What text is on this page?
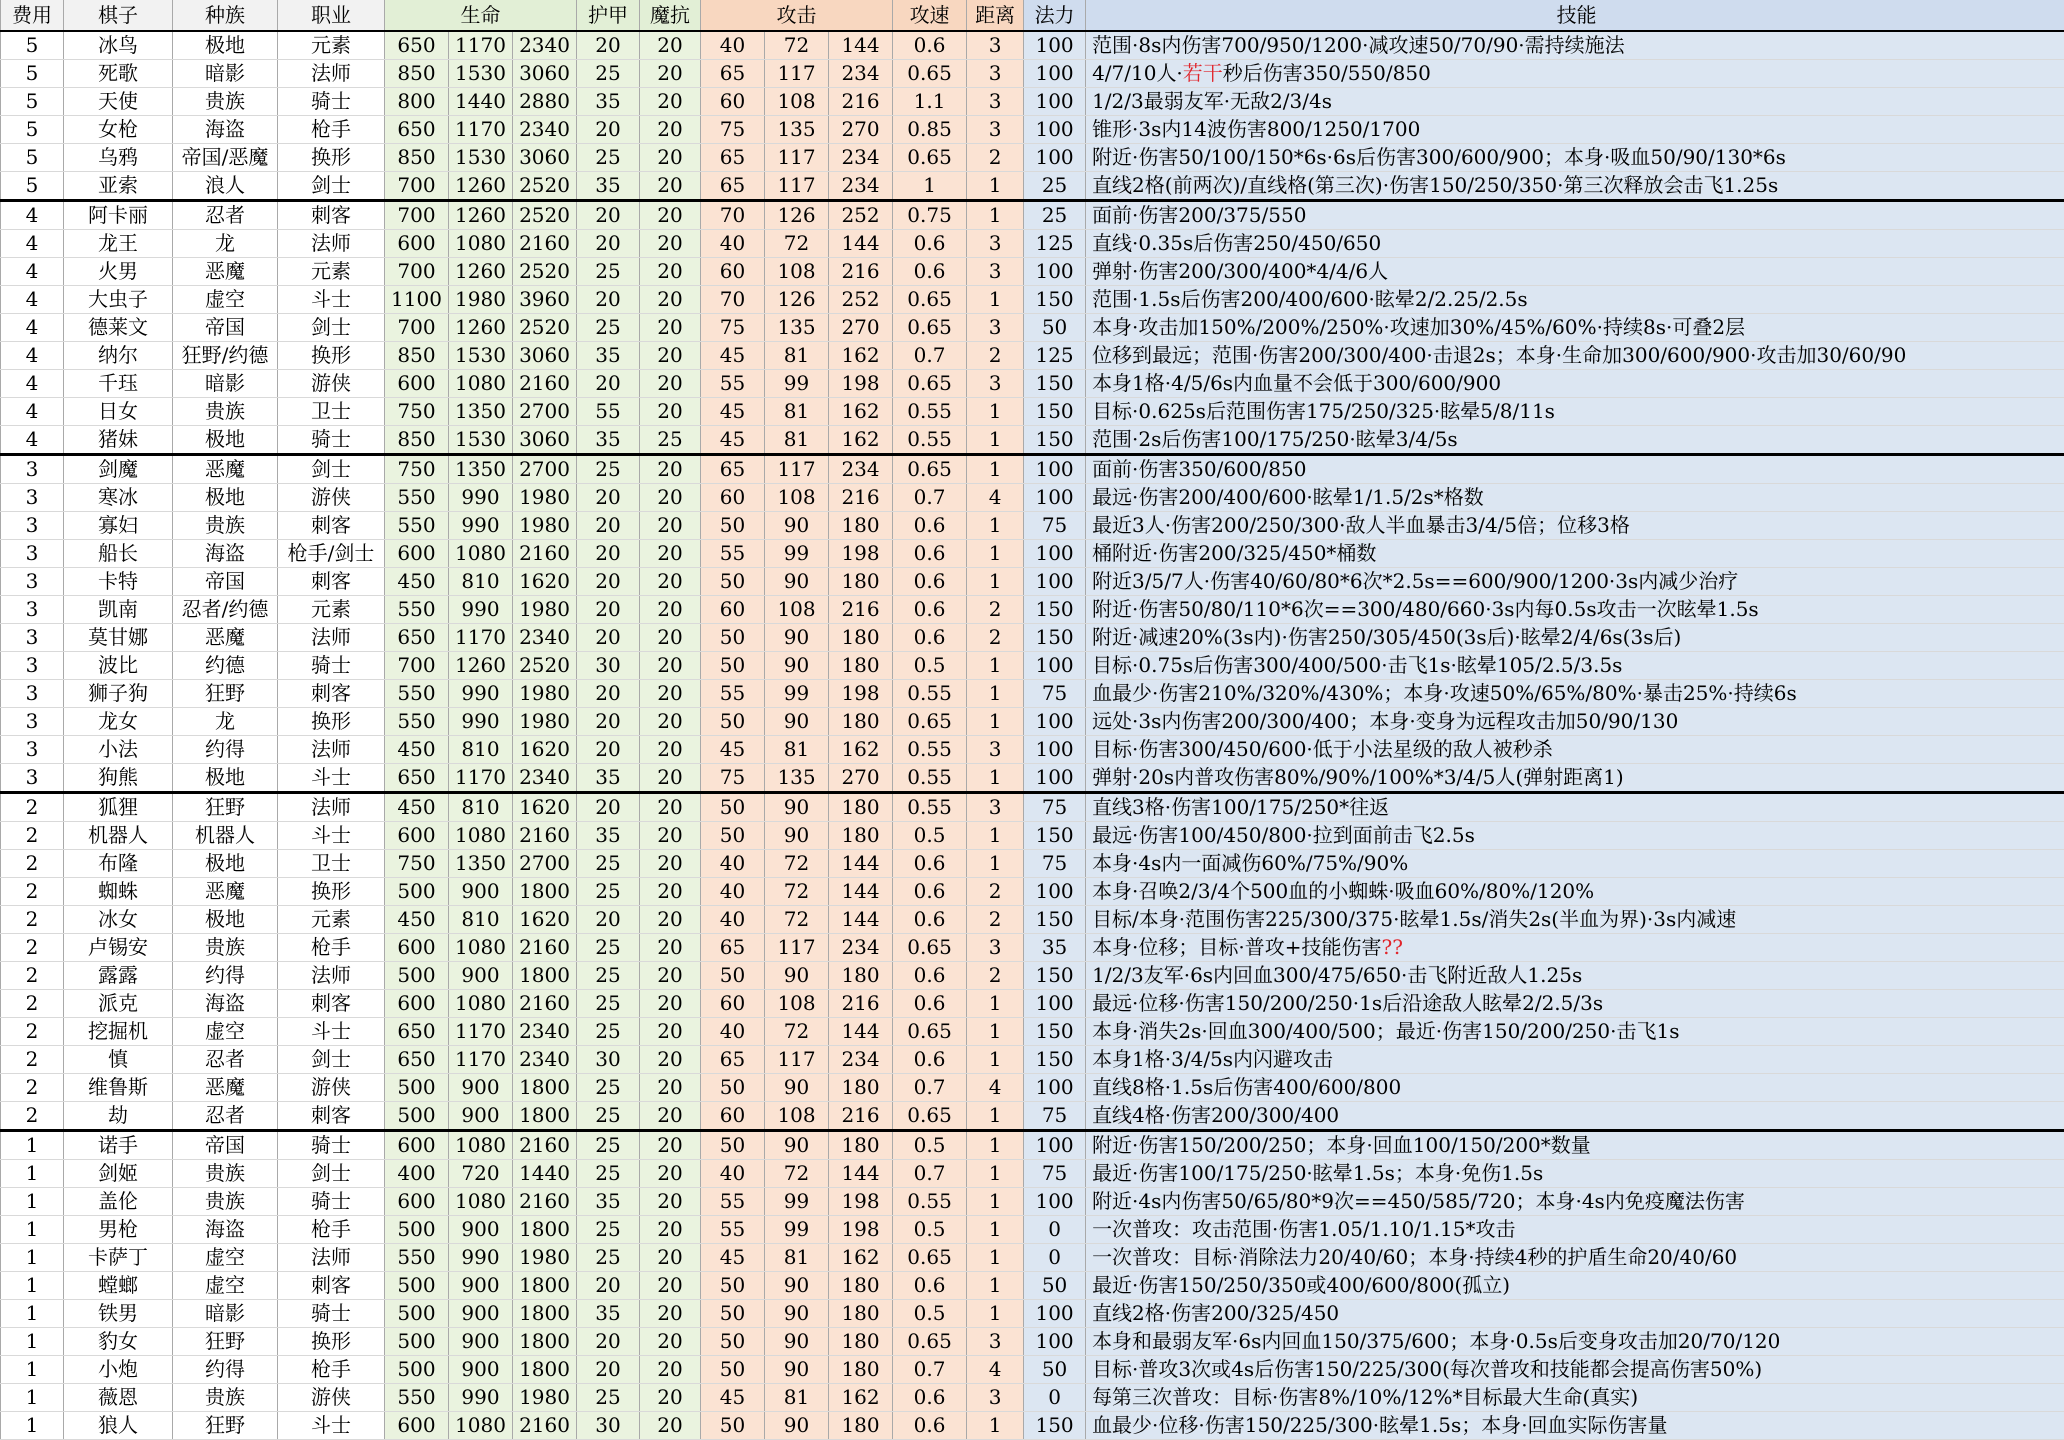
费用	棋子	种族	职业	生命			护甲	魔抗	攻击			攻速	距离	法力	技能
5	冰鸟	极地	元素	650	1170	2340	20	20	40	72	144	0.6	3	100	范围·8s内伤害700/950/1200·减攻速50/70/90·需持续施法
5	死歌	暗影	法师	850	1530	3060	25	20	65	117	234	0.65	3	100	4/7/10人·若干秒后伤害350/550/850
5	天使	贵族	骑士	800	1440	2880	35	20	60	108	216	1.1	3	100	1/2/3最弱友军·无敌2/3/4s
5	女枪	海盗	枪手	650	1170	2340	20	20	75	135	270	0.85	3	100	锥形·3s内14波伤害800/1250/1700
5	乌鸦	帝国/恶魔	换形	850	1530	3060	25	20	65	117	234	0.65	2	100	附近·伤害50/100/150*6s·6s后伤害300/600/900；本身·吸血50/90/130*6s
5	亚索	浪人	剑士	700	1260	2520	35	20	65	117	234	1	1	25	直线2格(前两次)/直线格(第三次)·伤害150/250/350·第三次释放会击飞1.25s
4	阿卡丽	忍者	刺客	700	1260	2520	20	20	70	126	252	0.75	1	25	面前·伤害200/375/550
4	龙王	龙	法师	600	1080	2160	20	20	40	72	144	0.6	3	125	直线·0.35s后伤害250/450/650
4	火男	恶魔	元素	700	1260	2520	25	20	60	108	216	0.6	3	100	弹射·伤害200/300/400*4/4/6人
4	大虫子	虚空	斗士	1100	1980	3960	20	20	70	126	252	0.65	1	150	范围·1.5s后伤害200/400/600·眩晕2/2.25/2.5s
4	德莱文	帝国	剑士	700	1260	2520	25	20	75	135	270	0.65	3	50	本身·攻击加150%/200%/250%·攻速加30%/45%/60%·持续8s·可叠2层
4	纳尔	狂野/约德	换形	850	1530	3060	35	20	45	81	162	0.7	2	125	位移到最远；范围·伤害200/300/400·击退2s；本身·生命加300/600/900·攻击加30/60/90
4	千珏	暗影	游侠	600	1080	2160	20	20	55	99	198	0.65	3	150	本身1格·4/5/6s内血量不会低于300/600/900
4	日女	贵族	卫士	750	1350	2700	55	20	45	81	162	0.55	1	150	目标·0.625s后范围伤害175/250/325·眩晕5/8/11s
4	猪妹	极地	骑士	850	1530	3060	35	25	45	81	162	0.55	1	150	范围·2s后伤害100/175/250·眩晕3/4/5s
3	剑魔	恶魔	剑士	750	1350	2700	25	20	65	117	234	0.65	1	100	面前·伤害350/600/850
3	寒冰	极地	游侠	550	990	1980	20	20	60	108	216	0.7	4	100	最远·伤害200/400/600·眩晕1/1.5/2s*格数
3	寡妇	贵族	刺客	550	990	1980	20	20	50	90	180	0.6	1	75	最近3人·伤害200/250/300·敌人半血暴击3/4/5倍；位移3格
3	船长	海盗	枪手/剑士	600	1080	2160	20	20	55	99	198	0.6	1	100	桶附近·伤害200/325/450*桶数
3	卡特	帝国	刺客	450	810	1620	20	20	50	90	180	0.6	1	100	附近3/5/7人·伤害40/60/80*6次*2.5s==600/900/1200·3s内减少治疗
3	凯南	忍者/约德	元素	550	990	1980	20	20	60	108	216	0.6	2	150	附近·伤害50/80/110*6次==300/480/660·3s内每0.5s攻击一次眩晕1.5s
3	莫甘娜	恶魔	法师	650	1170	2340	20	20	50	90	180	0.6	2	150	附近·减速20%(3s内)·伤害250/305/450(3s后)·眩晕2/4/6s(3s后)
3	波比	约德	骑士	700	1260	2520	30	20	50	90	180	0.5	1	100	目标·0.75s后伤害300/400/500·击飞1s·眩晕105/2.5/3.5s
3	狮子狗	狂野	刺客	550	990	1980	20	20	55	99	198	0.55	1	75	血最少·伤害210%/320%/430%；本身·攻速50%/65%/80%·暴击25%·持续6s
3	龙女	龙	换形	550	990	1980	20	20	50	90	180	0.65	1	100	远处·3s内伤害200/300/400；本身·变身为远程攻击加50/90/130
3	小法	约得	法师	450	810	1620	20	20	45	81	162	0.55	3	100	目标·伤害300/450/600·低于小法星级的敌人被秒杀
3	狗熊	极地	斗士	650	1170	2340	35	20	75	135	270	0.55	1	100	弹射·20s内普攻伤害80%/90%/100%*3/4/5人(弹射距离1)
2	狐狸	狂野	法师	450	810	1620	20	20	50	90	180	0.55	3	75	直线3格·伤害100/175/250*往返
2	机器人	机器人	斗士	600	1080	2160	35	20	50	90	180	0.5	1	150	最远·伤害100/450/800·拉到面前击飞2.5s
2	布隆	极地	卫士	750	1350	2700	25	20	40	72	144	0.6	1	75	本身·4s内一面减伤60%/75%/90%
2	蜘蛛	恶魔	换形	500	900	1800	25	20	40	72	144	0.6	2	100	本身·召唤2/3/4个500血的小蜘蛛·吸血60%/80%/120%
2	冰女	极地	元素	450	810	1620	20	20	40	72	144	0.6	2	150	目标/本身·范围伤害225/300/375·眩晕1.5s/消失2s(半血为界)·3s内减速
2	卢锡安	贵族	枪手	600	1080	2160	25	20	65	117	234	0.65	3	35	本身·位移；目标·普攻+技能伤害??
2	露露	约得	法师	500	900	1800	25	20	50	90	180	0.6	2	150	1/2/3友军·6s内回血300/475/650·击飞附近敌人1.25s
2	派克	海盗	刺客	600	1080	2160	25	20	60	108	216	0.6	1	100	最远·位移·伤害150/200/250·1s后沿途敌人眩晕2/2.5/3s
2	挖掘机	虚空	斗士	650	1170	2340	25	20	40	72	144	0.65	1	150	本身·消失2s·回血300/400/500；最近·伤害150/200/250·击飞1s
2	慎	忍者	剑士	650	1170	2340	30	20	65	117	234	0.6	1	150	本身1格·3/4/5s内闪避攻击
2	维鲁斯	恶魔	游侠	500	900	1800	25	20	50	90	180	0.7	4	100	直线8格·1.5s后伤害400/600/800
2	劫	忍者	刺客	500	900	1800	25	20	60	108	216	0.65	1	75	直线4格·伤害200/300/400
1	诺手	帝国	骑士	600	1080	2160	25	20	50	90	180	0.5	1	100	附近·伤害150/200/250；本身·回血100/150/200*数量
1	剑姬	贵族	剑士	400	720	1440	25	20	40	72	144	0.7	1	75	最近·伤害100/175/250·眩晕1.5s；本身·免伤1.5s
1	盖伦	贵族	骑士	600	1080	2160	35	20	55	99	198	0.55	1	100	附近·4s内伤害50/65/80*9次==450/585/720；本身·4s内免疫魔法伤害
1	男枪	海盗	枪手	500	900	1800	25	20	55	99	198	0.5	1	0	一次普攻：攻击范围·伤害1.05/1.10/1.15*攻击
1	卡萨丁	虚空	法师	550	990	1980	25	20	45	81	162	0.65	1	0	一次普攻：目标·消除法力20/40/60；本身·持续4秒的护盾生命20/40/60
1	螳螂	虚空	刺客	500	900	1800	20	20	50	90	180	0.6	1	50	最近·伤害150/250/350或400/600/800(孤立)
1	铁男	暗影	骑士	500	900	1800	35	20	50	90	180	0.5	1	100	直线2格·伤害200/325/450
1	豹女	狂野	换形	500	900	1800	20	20	50	90	180	0.65	3	100	本身和最弱友军·6s内回血150/375/600；本身·0.5s后变身攻击加20/70/120
1	小炮	约得	枪手	500	900	1800	20	20	50	90	180	0.7	4	50	目标·普攻3次或4s后伤害150/225/300(每次普攻和技能都会提高伤害50%)
1	薇恩	贵族	游侠	550	990	1980	25	20	45	81	162	0.6	3	0	每第三次普攻：目标·伤害8%/10%/12%*目标最大生命(真实)
1	狼人	狂野	斗士	600	1080	2160	30	20	50	90	180	0.6	1	150	血最少·位移·伤害150/225/300·眩晕1.5s；本身·回血实际伤害量
